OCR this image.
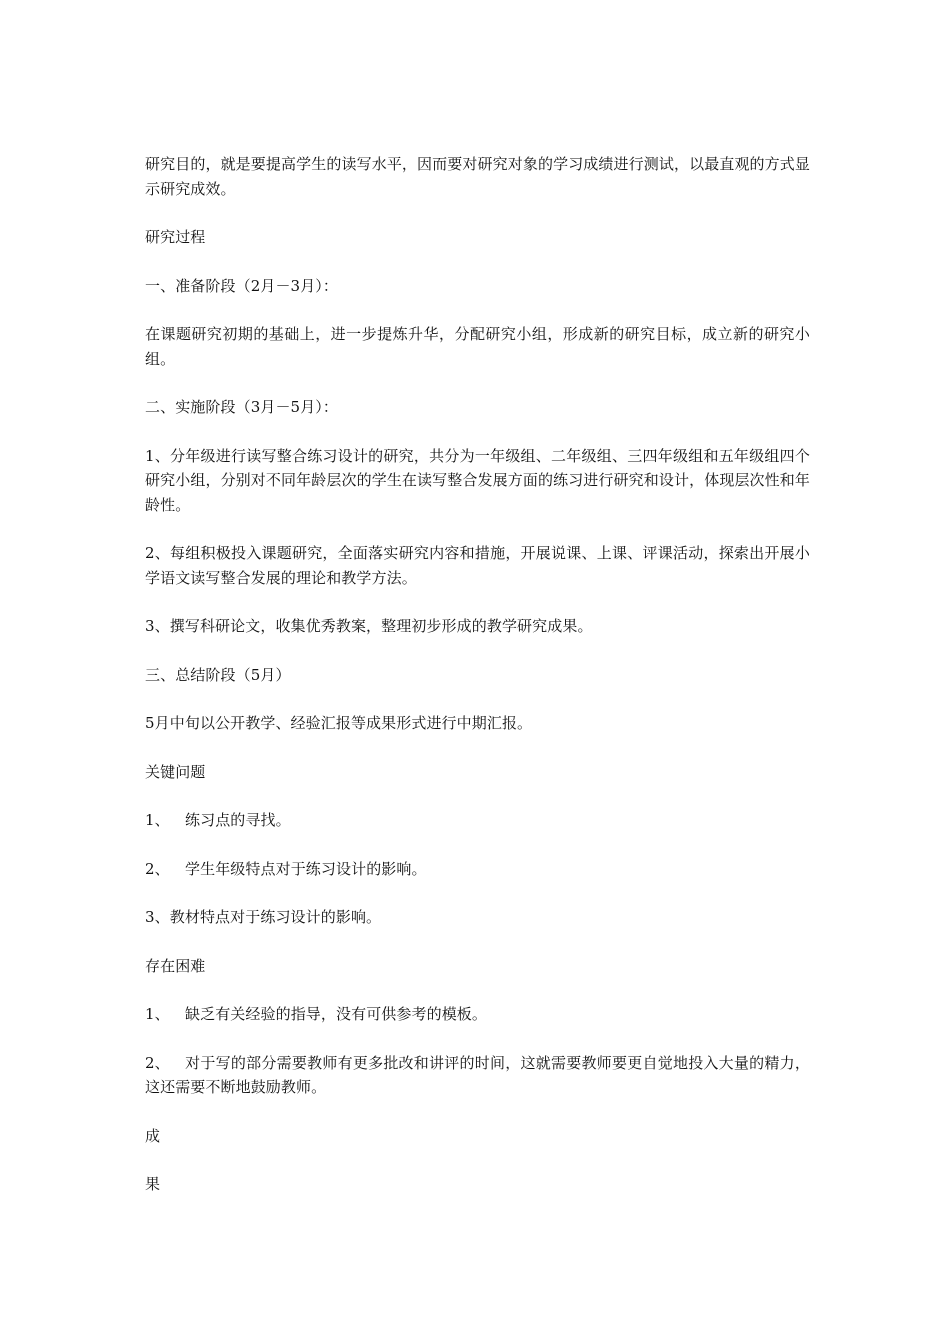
研究目的，就是要提高学生的读写水平，因而要对研究对象的学习成绩进行测试，以最直观的方式显示研究成效。

研究过程

一、准备阶段（2月－3月）：

在课题研究初期的基础上，进一步提炼升华，分配研究小组，形成新的研究目标，成立新的研究小组。

二、实施阶段（3月－5月）：

1、分年级进行读写整合练习设计的研究，共分为一年级组、二年级组、三四年级组和五年级组四个研究小组，分别对不同年龄层次的学生在读写整合发展方面的练习进行研究和设计，体现层次性和年龄性。

2、每组积极投入课题研究，全面落实研究内容和措施，开展说课、上课、评课活动，探索出开展小学语文读写整合发展的理论和教学方法。

3、撰写科研论文，收集优秀教案，整理初步形成的教学研究成果。

三、总结阶段（5月）

5月中旬以公开教学、经验汇报等成果形式进行中期汇报。

关键问题

1、 练习点的寻找。

2、 学生年级特点对于练习设计的影响。

3、教材特点对于练习设计的影响。

存在困难

1、 缺乏有关经验的指导，没有可供参考的模板。

2、 对于写的部分需要教师有更多批改和讲评的时间，这就需要教师要更自觉地投入大量的精力，这还需要不断地鼓励教师。

成

果
